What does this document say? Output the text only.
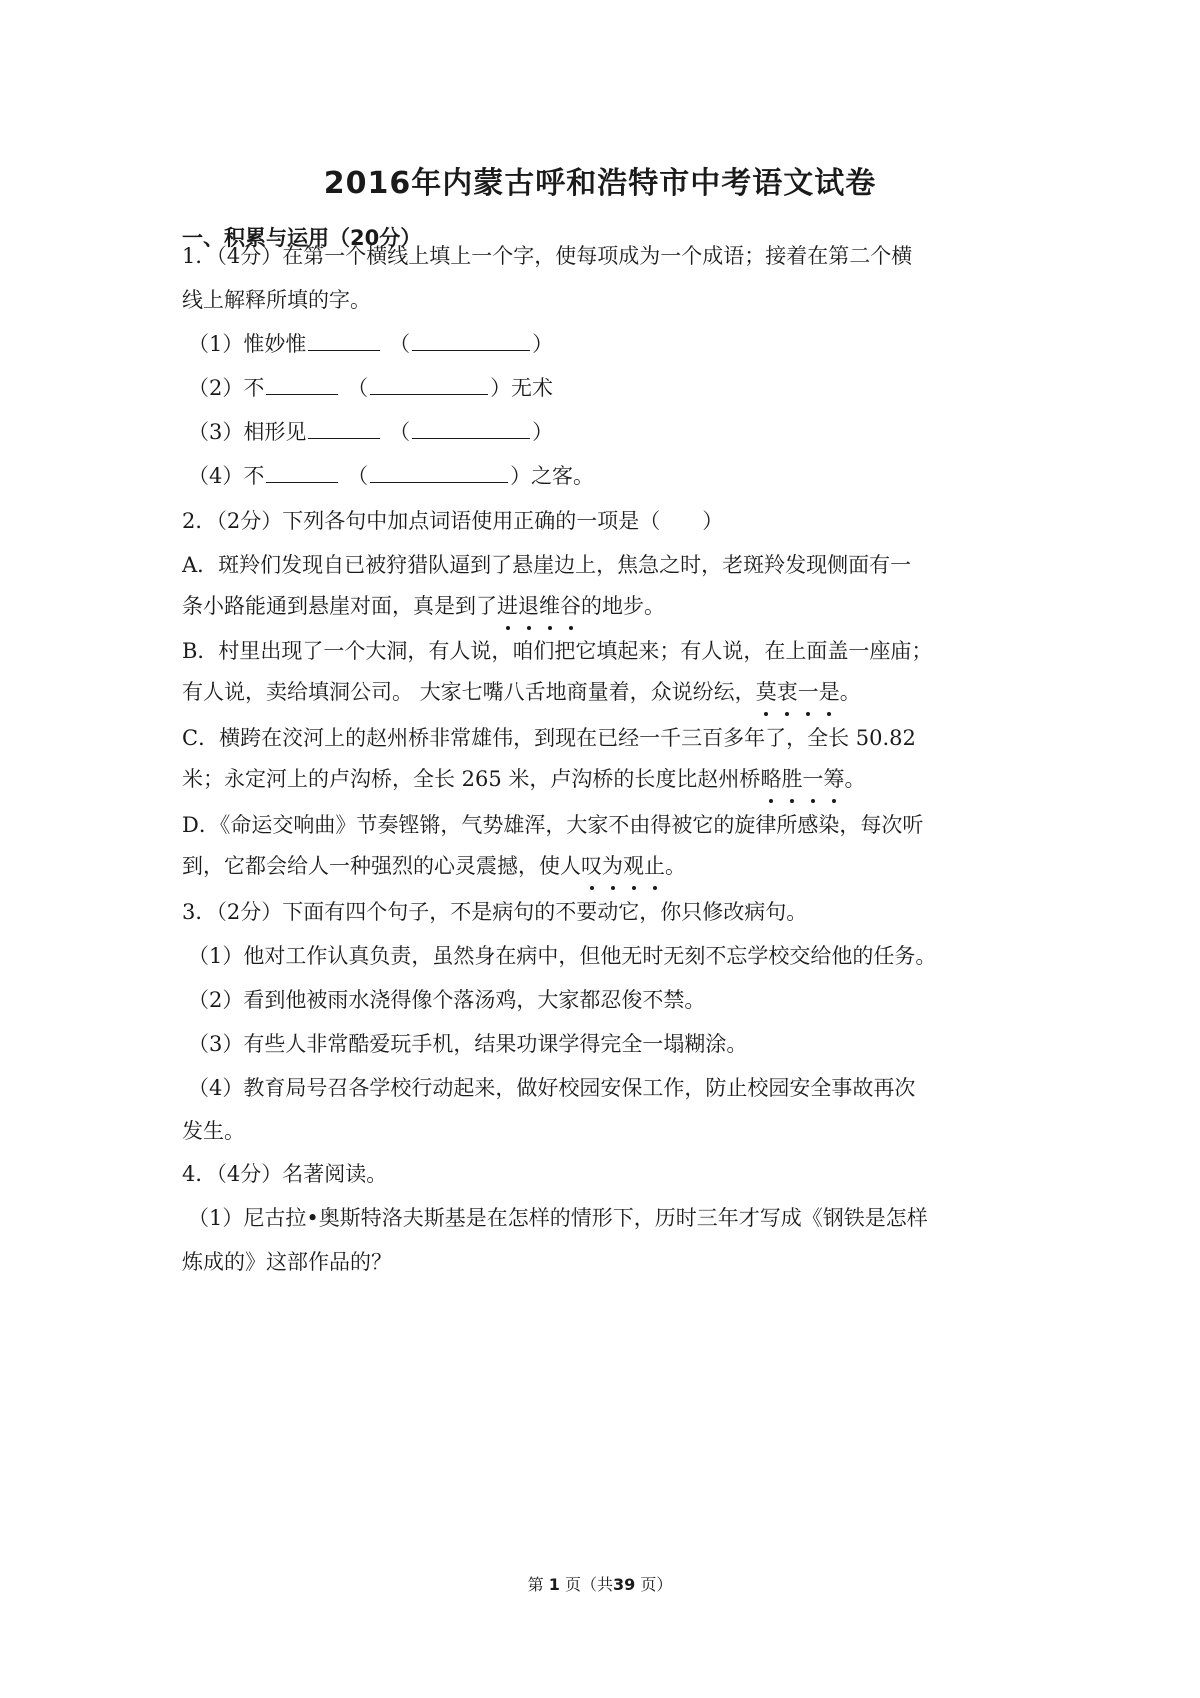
2016年内蒙古呼和浩特市中考语文试卷
一、积累与运用（20分）
1．（4分）在第一个横线上填上一个字，使每项成为一个成语；接着在第二个横
线上解释所填的字。
（1）惟妙惟	（	）
（2）不	（	）无术
（3）相形见	（	）
（4）不	（	）之客。
2．（2分）下列各句中加点词语使用正确的一项是（　　）
A．斑羚们发现自已被狩猎队逼到了悬崖边上，焦急之时，老斑羚发现侧面有一
条小路能通到悬崖对面，真是到了进退维谷的地步。
B．村里出现了一个大洞，有人说，咱们把它填起来；有人说，在上面盖一座庙；
有人说，卖给填洞公司。 大家七嘴八舌地商量着，众说纷纭，莫衷一是。
C．横跨在洨河上的赵州桥非常雄伟，到现在已经一千三百多年了，全长 50.82
米；永定河上的卢沟桥，全长 265 米，卢沟桥的长度比赵州桥略胜一筹。
D．《命运交响曲》节奏铿锵，气势雄浑，大家不由得被它的旋律所感染，每次听
到，它都会给人一种强烈的心灵震撼，使人叹为观止。
3．（2分）下面有四个句子，不是病句的不要动它，你只修改病句。
（1）他对工作认真负责，虽然身在病中，但他无时无刻不忘学校交给他的任务。
（2）看到他被雨水浇得像个落汤鸡，大家都忍俊不禁。
（3）有些人非常酷爱玩手机，结果功课学得完全一塌糊涂。
（4）教育局号召各学校行动起来，做好校园安保工作，防止校园安全事故再次
发生。
4．（4分）名著阅读。
（1）尼古拉•奥斯特洛夫斯基是在怎样的情形下，历时三年才写成《钢铁是怎样
炼成的》这部作品的？
第 1 页（共39 页）
